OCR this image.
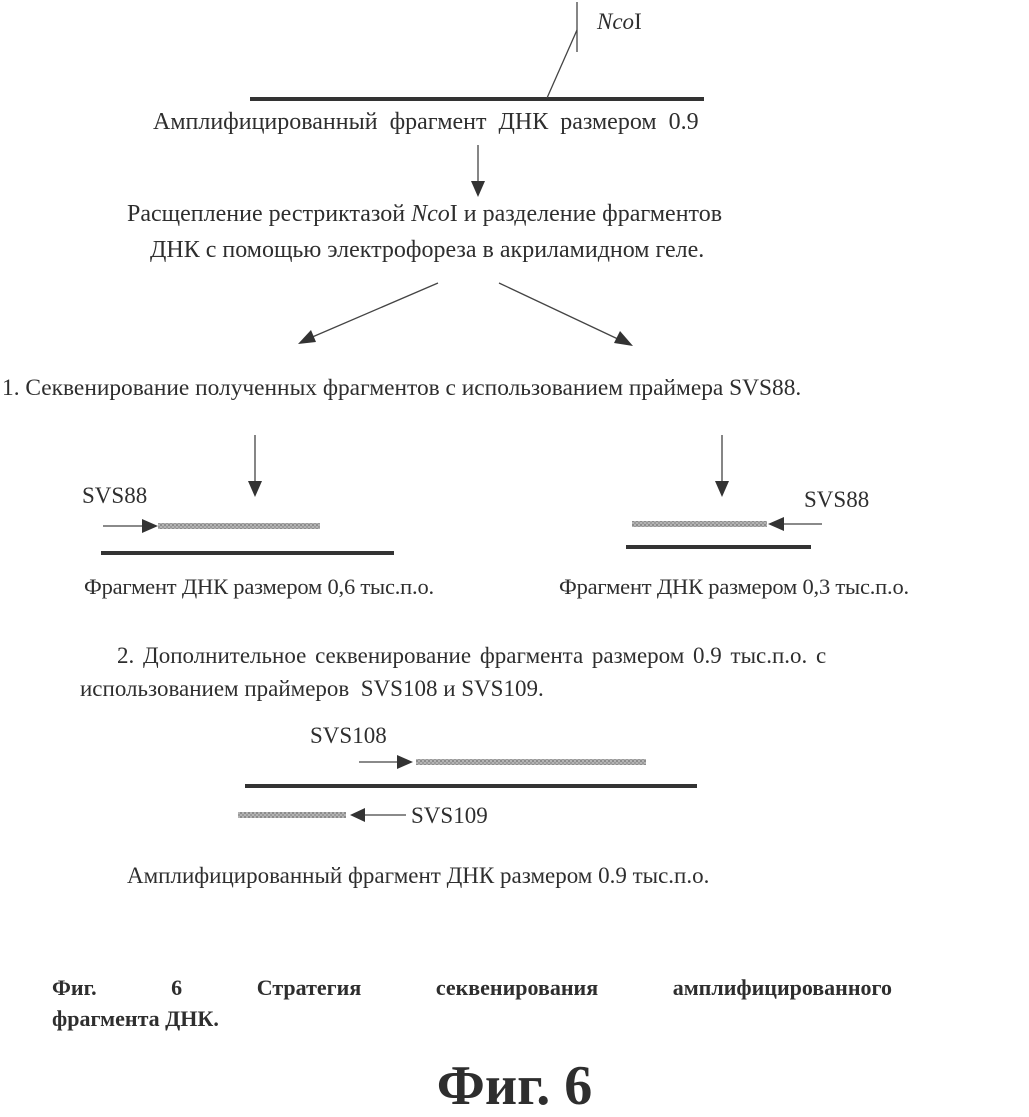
NcoI
Амплифицированный  фрагмент  ДНК  размером  0.9
Расщепление рестриктазой NcoI и разделение фрагментов
ДНК с помощью электрофореза в акриламидном геле.
1. Секвенирование полученных фрагментов с использованием праймера SVS88.
SVS88	SVS88
Фрагмент ДНК размером 0,6 тыс.п.о.	Фрагмент ДНК размером 0,3 тыс.п.о.
2. Дополнительное секвенирование фрагмента размером 0.9 тыс.п.о. с
использованием праймеров  SVS108 и SVS109.
SVS108
SVS109
Амплифицированный фрагмент ДНК размером 0.9 тыс.п.о.
Фиг.	6	Стратегия	секвенирования	амплифицированного
фрагмента ДНК.
Фиг. 6
